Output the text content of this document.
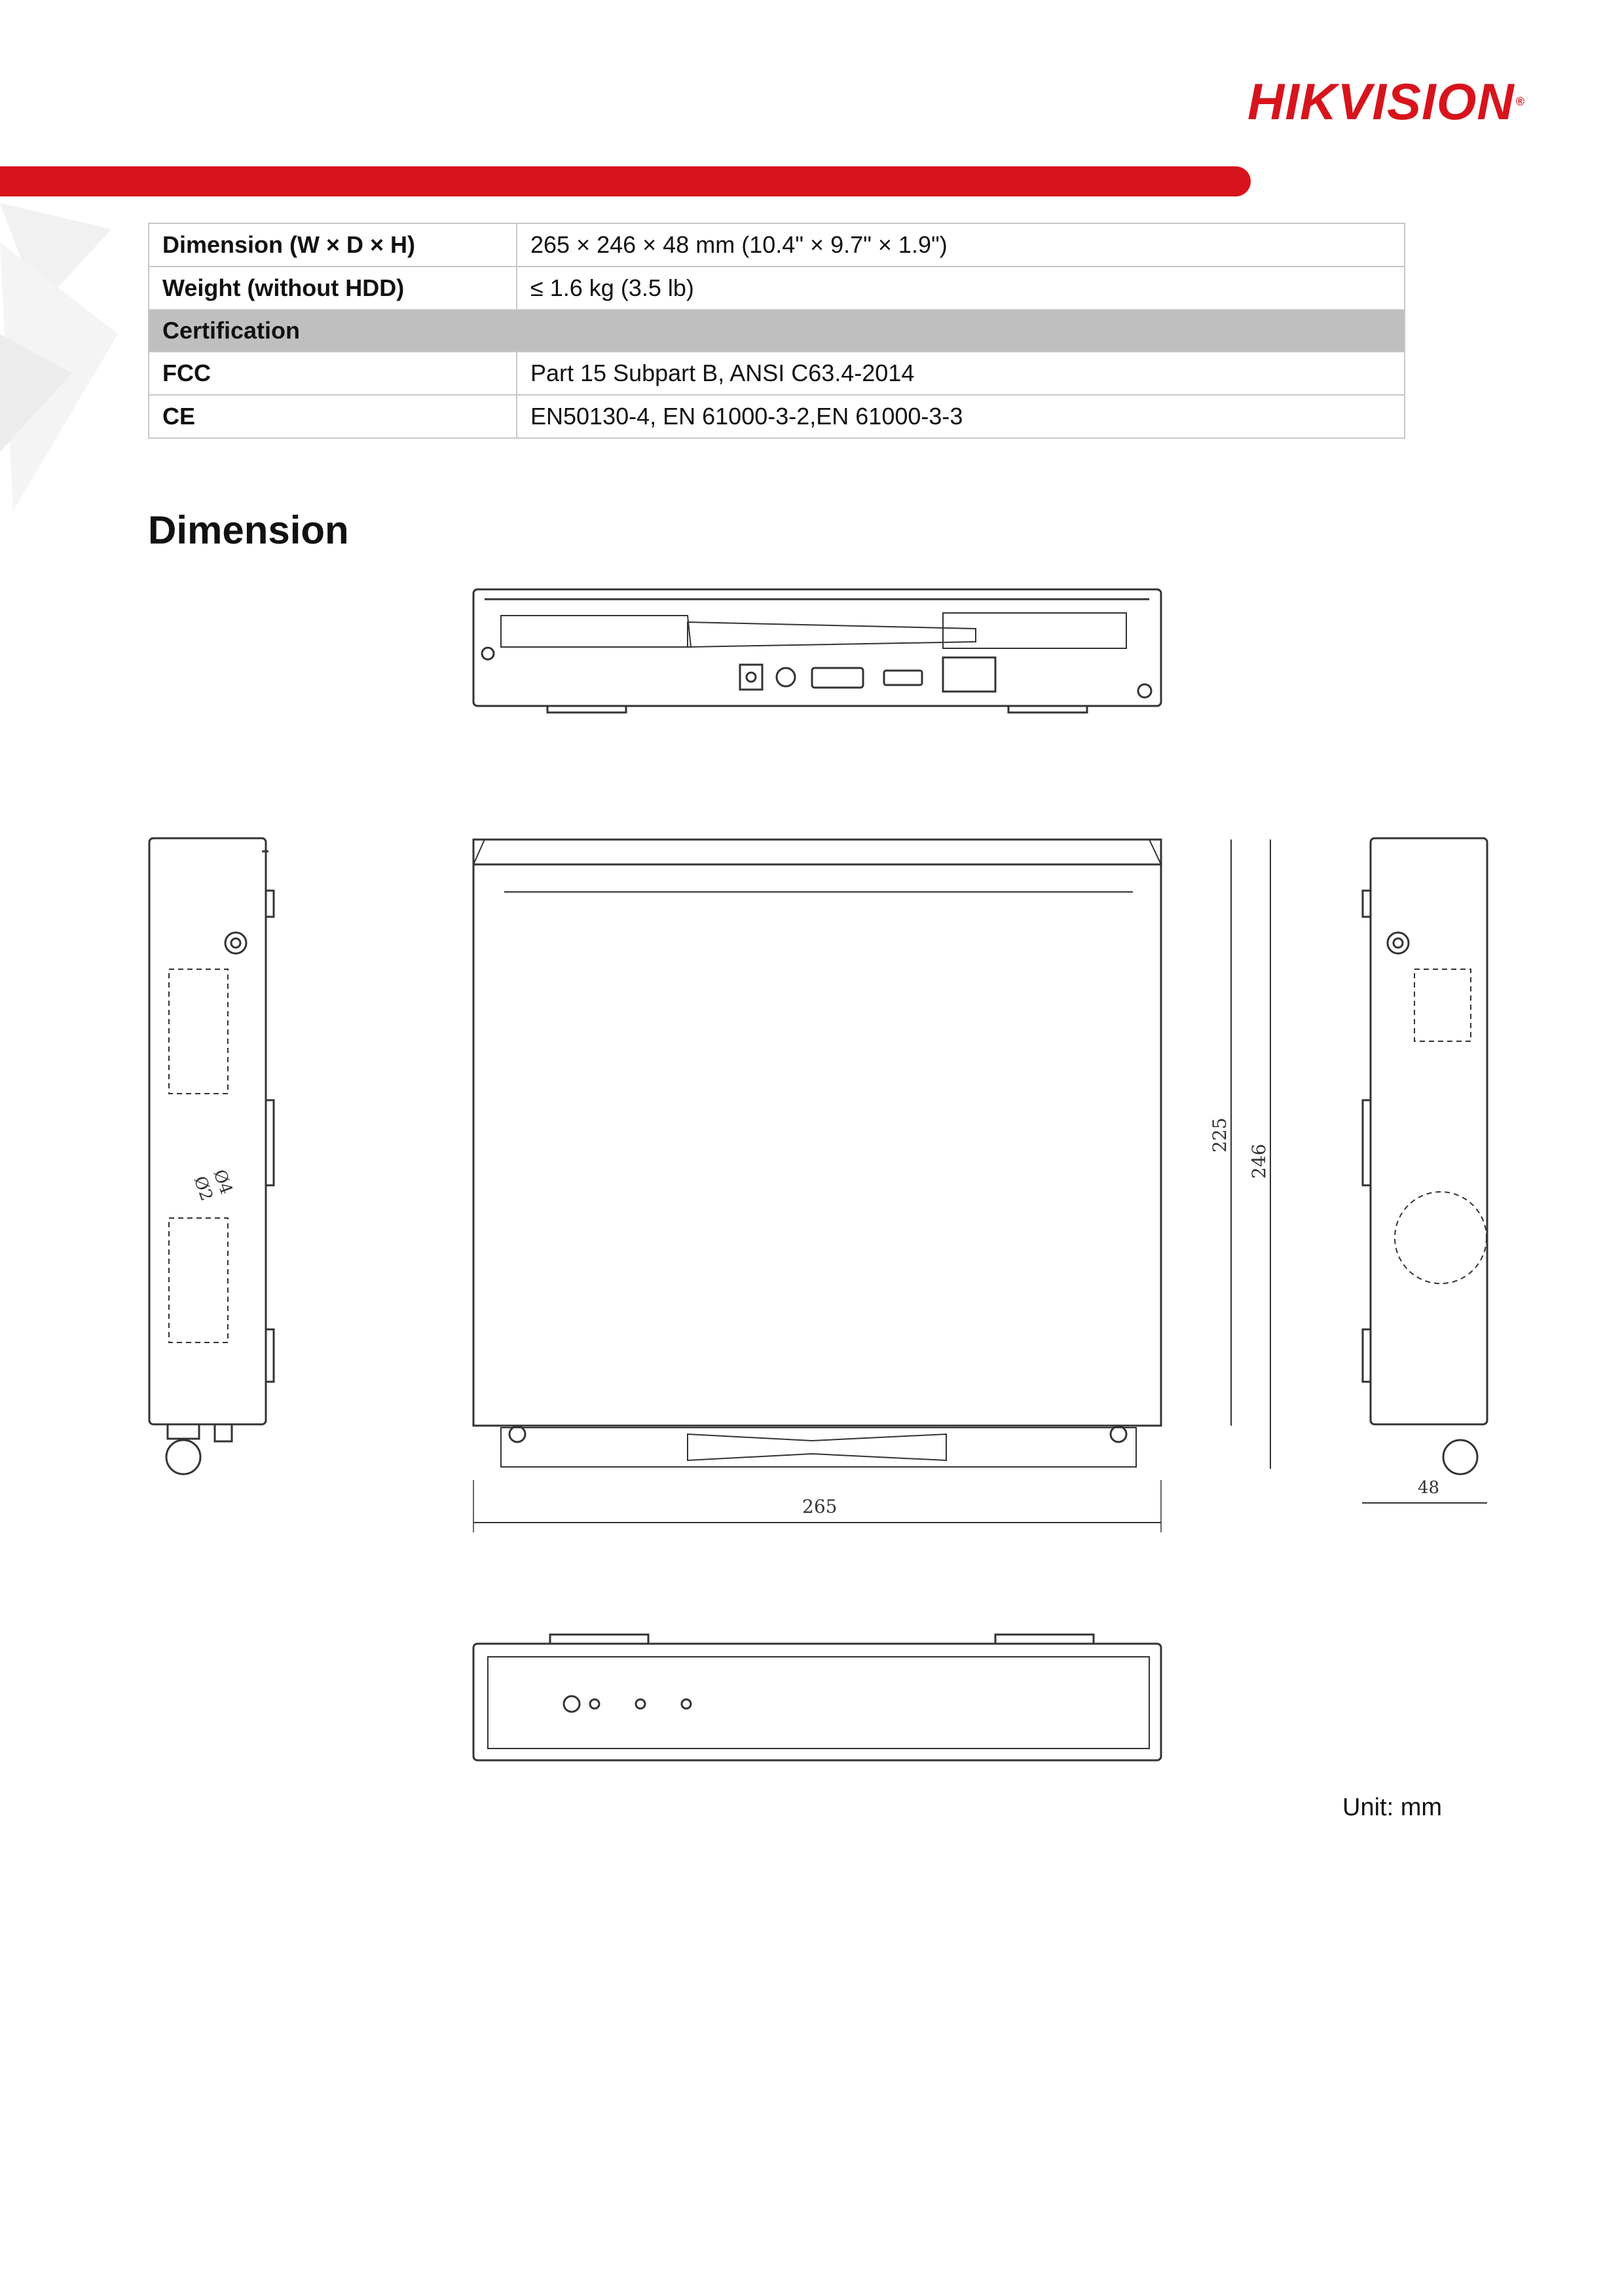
HIKVISION ®
Dimension (W × D × H)	265 × 246 × 48 mm (10.4" × 9.7" × 1.9")
Weight (without HDD)	≤ 1.6 kg (3.5 lb)
Certification	
FCC	Part 15 Subpart B, ANSI C63.4-2014
CE	EN50130-4, EN 61000-3-2,EN 61000-3-3
Dimension
Ø2
Ø4
225
246
265
48
Unit: mm
